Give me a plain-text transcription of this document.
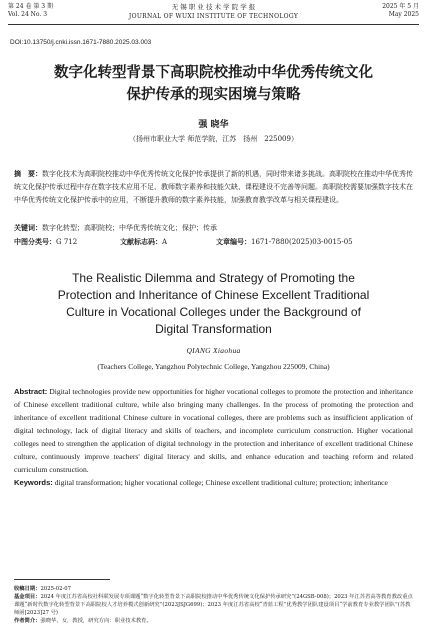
第 24 卷 第 3 期
Vol. 24 No. 3
无 锡 职 业 技 术 学 院 学 报
JOURNAL OF WUXI INSTITUTE OF TECHNOLOGY
2025 年 5 月
May 2025
DOI:10.13750/j.cnki.issn.1671-7880.2025.03.003
数字化转型背景下高职院校推动中华优秀传统文化
保护传承的现实困境与策略
强 晓华
（扬州市职业大学 师范学院，江苏　扬州　225009）
摘　要：数字化技术为高职院校推动中华优秀传统文化保护传承提供了新的机遇，同时带来诸多挑战。高职院校在推动中华优秀传统文化保护传承过程中存在数字技术应用不足、教师数字素养和技能欠缺、课程建设不完善等问题。高职院校需要加强数字技术在中华优秀传统文化保护传承中的应用，不断提升教师的数字素养技能，加强教育教学改革与相关课程建设。
关键词：数字化转型；高职院校；中华优秀传统文化；保护；传承
中图分类号：G 712	文献标志码：A	文章编号：1671-7880(2025)03-0015-05
The Realistic Dilemma and Strategy of Promoting the
Protection and Inheritance of Chinese Excellent Traditional
Culture in Vocational Colleges under the Background of
Digital Transformation
QIANG Xiaohua
(Teachers College, Yangzhou Polytechnic College, Yangzhou 225009, China)
Abstract: Digital technologies provide new opportunities for higher vocational colleges to promote the protection and inheritance of Chinese excellent traditional culture, while also bringing many challenges. In the process of promoting the protection and inheritance of excellent traditional Chinese culture in vocational colleges, there are problems such as insufficient application of digital technology, lack of digital literacy and skills of teachers, and incomplete curriculum construction. Higher vocational colleges need to strengthen the application of digital technology in the protection and inheritance of excellent traditional Chinese culture, continuously improve teachers' digital literacy and skills, and enhance education and teaching reform and related curriculum construction.
Keywords: digital transformation; higher vocational college; Chinese excellent traditional culture; protection; inheritance
收稿日期：2025-02-07
基金项目：2024 年度江苏省高校社科联发展专项课题“数字化转型背景下高职院校推动中华优秀传统文化保护传承研究”(24GSB-008)；2023 年江苏省高等教育教改重点课题“新时代数字化转型背景下高职院校人才培养模式创新研究”(2023JSJG699)；2023 年度江苏省高校“青蓝工程”优秀教学团队建设项目“学前教育专业教学团队”(苏教师函[2023]27 号)
作者简介：强晓华，女，教授，研究方向：职业技术教育。
